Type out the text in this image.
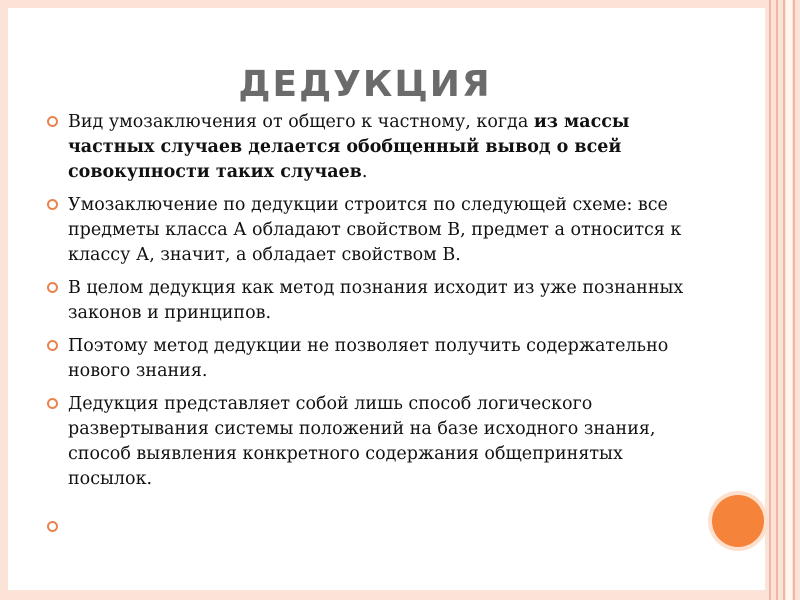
ДЕДУКЦИЯ
Вид умозаключения от общего к частному, когда из массы частных случаев делается обобщенный вывод о всей совокупности таких случаев.
Умозаключение по дедукции строится по следующей схеме: все предметы класса А обладают свойством В, предмет а относится к классу А, значит, а обладает свойством В.
В целом дедукция как метод познания исходит из уже познанных законов и принципов.
Поэтому метод дедукции не позволяет получить содержательно нового знания.
Дедукция представляет собой лишь способ логического развертывания системы положений на базе исходного знания, способ выявления конкретного содержания общепринятых посылок.
